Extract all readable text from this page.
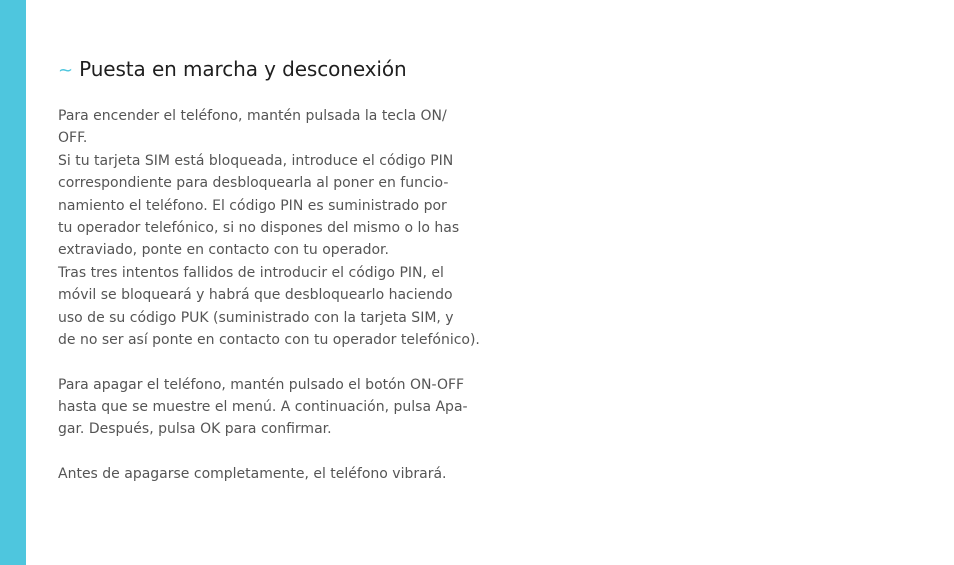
~ Puesta en marcha y desconexión
Para encender el teléfono, mantén pulsada la tecla ON/
OFF.
Si tu tarjeta SIM está bloqueada, introduce el código PIN
correspondiente para desbloquearla al poner en funcio-
namiento el teléfono. El código PIN es suministrado por
tu operador telefónico, si no dispones del mismo o lo has
extraviado, ponte en contacto con tu operador.
Tras tres intentos fallidos de introducir el código PIN, el
móvil se bloqueará y habrá que desbloquearlo haciendo
uso de su código PUK (suministrado con la tarjeta SIM, y
de no ser así ponte en contacto con tu operador telefónico).
Para apagar el teléfono, mantén pulsado el botón ON-OFF
hasta que se muestre el menú. A continuación, pulsa Apa-
gar. Después, pulsa OK para confirmar.
Antes de apagarse completamente, el teléfono vibrará.
